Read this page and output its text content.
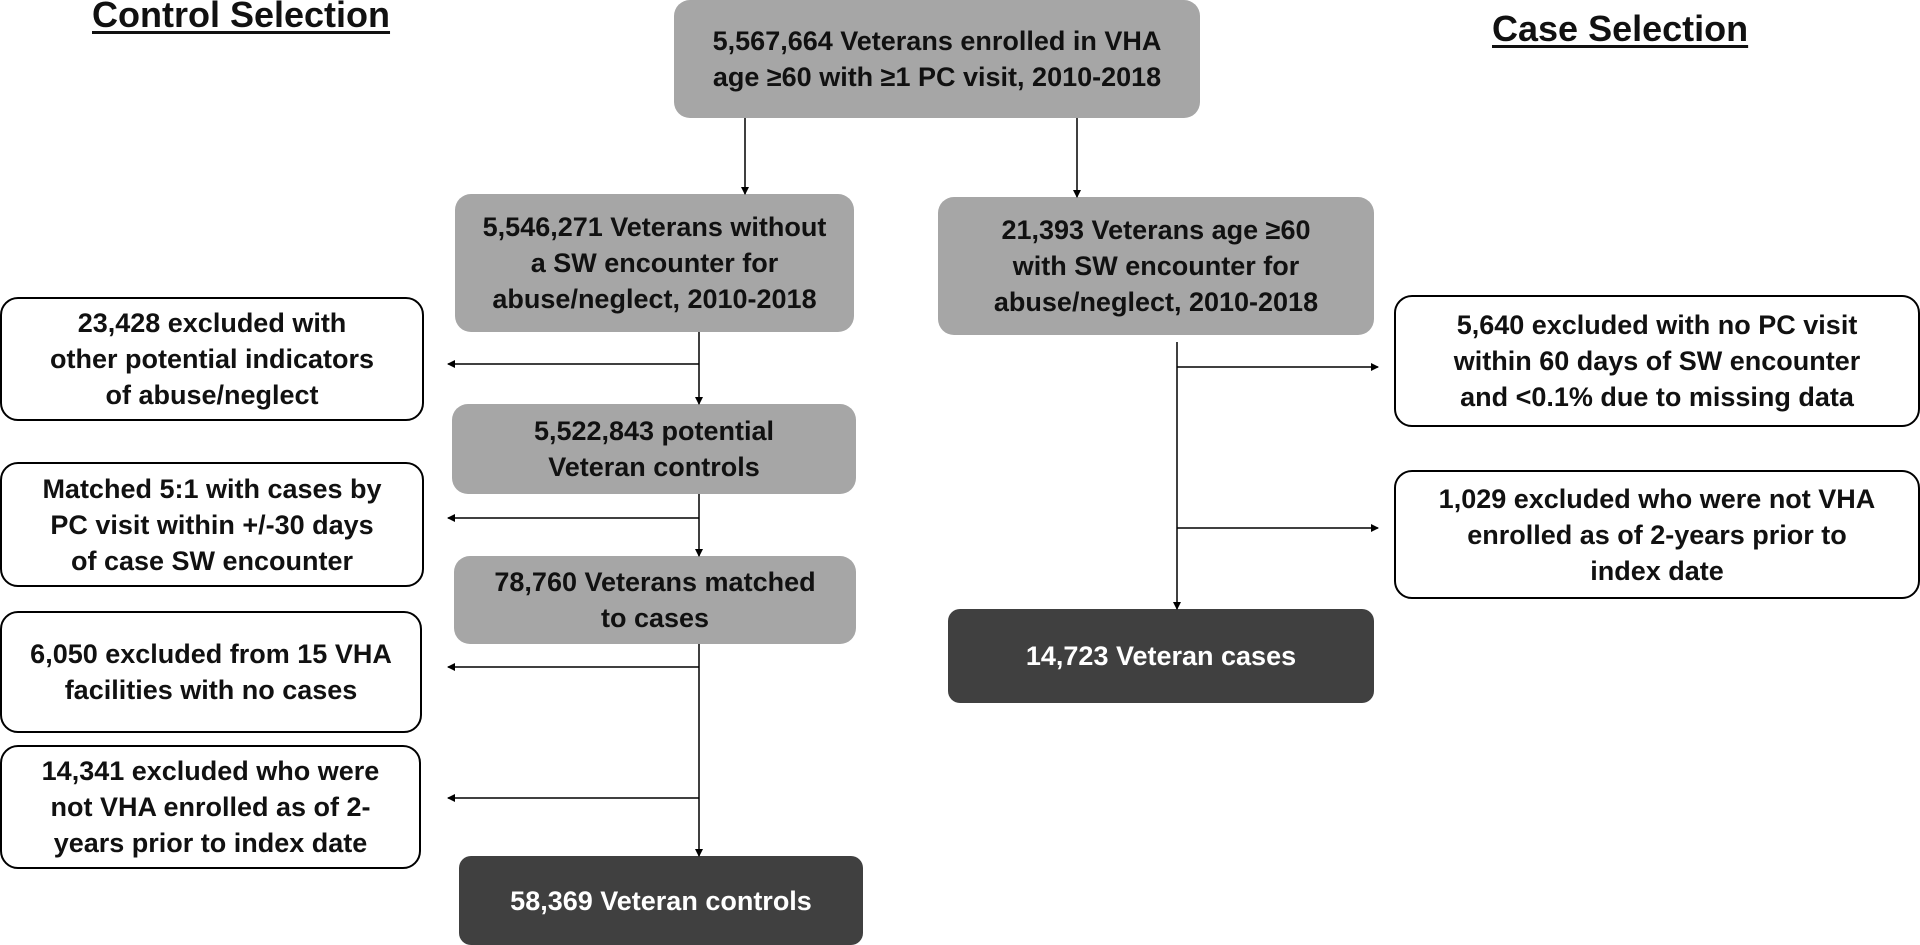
Control Selection	Case Selection
5,567,664 Veterans enrolled in VHA
age ≥60 with ≥1 PC visit, 2010-2018
5,546,271 Veterans without
a SW encounter for
abuse/neglect, 2010-2018
23,428 excluded with
other potential indicators
of abuse/neglect
5,522,843 potential
Veteran controls
Matched 5:1 with cases by
PC visit within +/-30 days
of case SW encounter
78,760 Veterans matched
to cases
6,050 excluded from 15 VHA
facilities with no cases
14,341 excluded who were
not VHA enrolled as of 2-
years prior to index date
58,369 Veteran controls
21,393 Veterans age ≥60
with SW encounter for
abuse/neglect, 2010-2018
5,640 excluded with no PC visit
within 60 days of SW encounter
and <0.1% due to missing data
1,029 excluded who were not VHA
enrolled as of 2-years prior to
index date
14,723 Veteran cases
